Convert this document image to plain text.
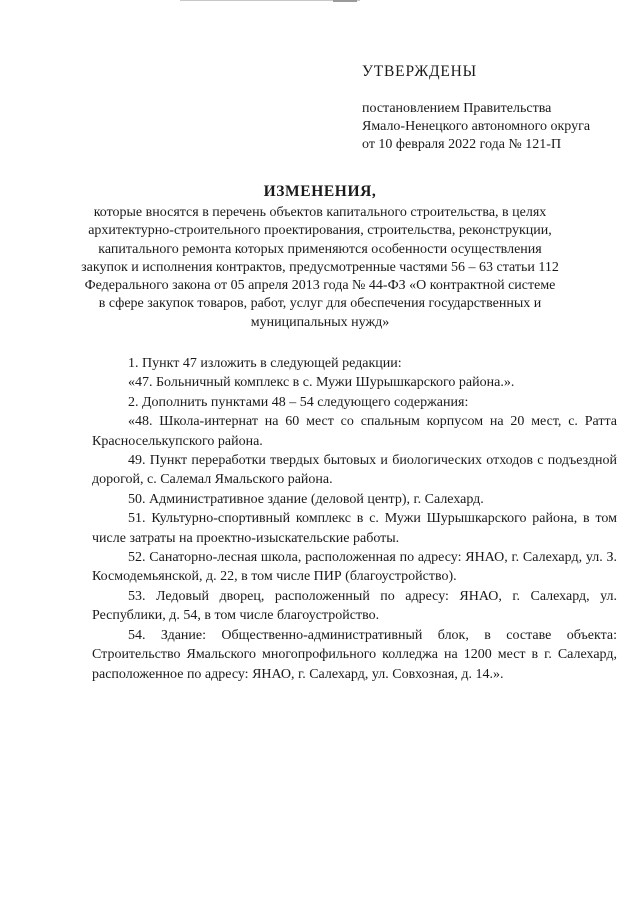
УТВЕРЖДЕНЫ
постановлением Правительства
Ямало-Ненецкого автономного округа
от 10 февраля 2022 года № 121-П
ИЗМЕНЕНИЯ,
которые вносятся в перечень объектов капитального строительства, в целях
архитектурно-строительного проектирования, строительства, реконструкции,
капитального ремонта которых применяются особенности осуществления
закупок и исполнения контрактов, предусмотренные частями 56 – 63 статьи 112
Федерального закона от 05 апреля 2013 года № 44-ФЗ «О контрактной системе
в сфере закупок товаров, работ, услуг для обеспечения государственных и
муниципальных нужд»

1. Пункт 47 изложить в следующей редакции:

«47. Больничный комплекс в с. Мужи Шурышкарского района.».

2. Дополнить пунктами 48 – 54 следующего содержания:

«48. Школа-интернат на 60 мест со спальным корпусом на 20 мест, с. Ратта Красноселькупского района.

49. Пункт переработки твердых бытовых и биологических отходов с подъездной дорогой, с. Салемал Ямальского района.

50. Административное здание (деловой центр), г. Салехард.

51. Культурно-спортивный комплекс в с. Мужи Шурышкарского района, в том числе затраты на проектно-изыскательские работы.

52. Санаторно-лесная школа, расположенная по адресу: ЯНАО, г. Салехард, ул. З. Космодемьянской, д. 22, в том числе ПИР (благоустройство).

53. Ледовый дворец, расположенный по адресу: ЯНАО, г. Салехард, ул. Республики, д. 54, в том числе благоустройство.

54. Здание: Общественно-административный блок, в составе объекта: Строительство Ямальского многопрофильного колледжа на 1200 мест в г. Салехард, расположенное по адресу: ЯНАО, г. Салехард, ул. Совхозная, д. 14.».
